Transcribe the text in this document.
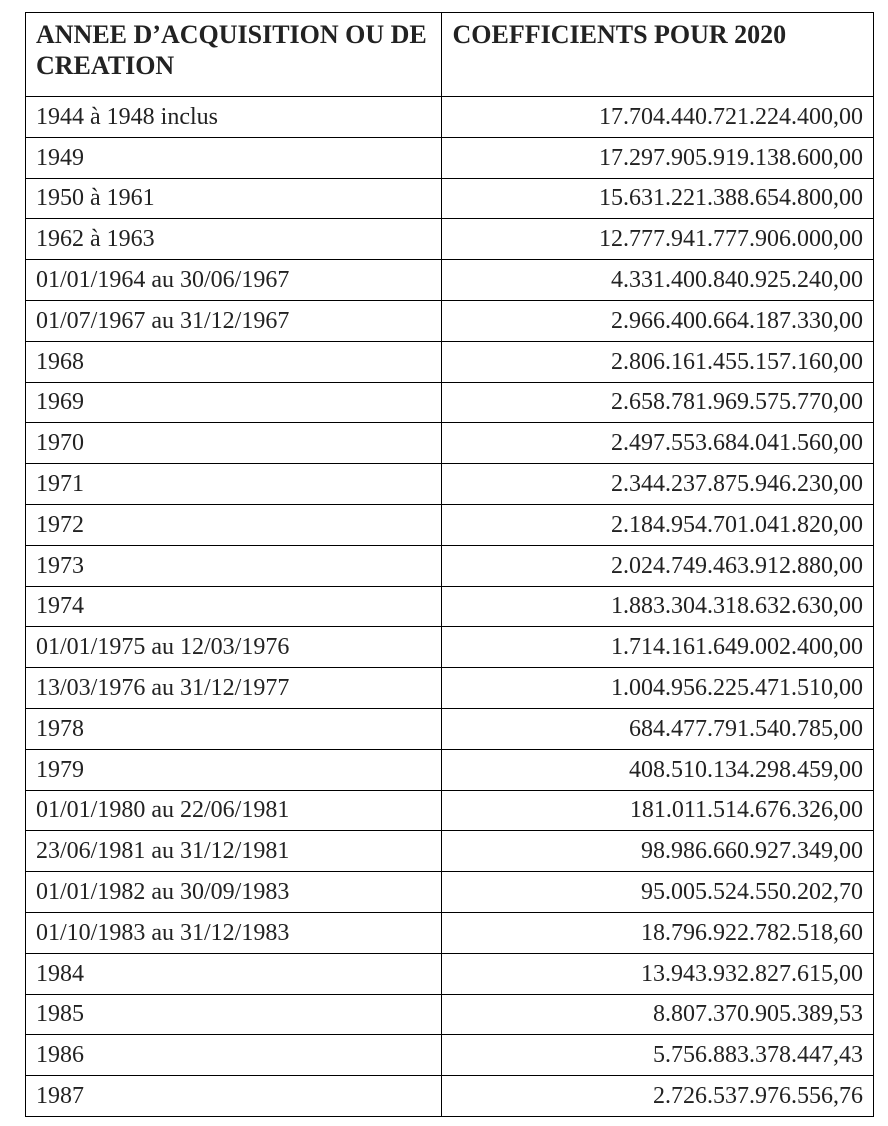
ANNEE D’ACQUISITION OU DE CREATION	COEFFICIENTS POUR 2020
1944 à 1948 inclus	17.704.440.721.224.400,00
1949	17.297.905.919.138.600,00
1950 à 1961	15.631.221.388.654.800,00
1962 à 1963	12.777.941.777.906.000,00
01/01/1964 au 30/06/1967	4.331.400.840.925.240,00
01/07/1967 au 31/12/1967	2.966.400.664.187.330,00
1968	2.806.161.455.157.160,00
1969	2.658.781.969.575.770,00
1970	2.497.553.684.041.560,00
1971	2.344.237.875.946.230,00
1972	2.184.954.701.041.820,00
1973	2.024.749.463.912.880,00
1974	1.883.304.318.632.630,00
01/01/1975 au 12/03/1976	1.714.161.649.002.400,00
13/03/1976 au 31/12/1977	1.004.956.225.471.510,00
1978	684.477.791.540.785,00
1979	408.510.134.298.459,00
01/01/1980 au 22/06/1981	181.011.514.676.326,00
23/06/1981 au 31/12/1981	98.986.660.927.349,00
01/01/1982 au 30/09/1983	95.005.524.550.202,70
01/10/1983 au 31/12/1983	18.796.922.782.518,60
1984	13.943.932.827.615,00
1985	8.807.370.905.389,53
1986	5.756.883.378.447,43
1987	2.726.537.976.556,76
